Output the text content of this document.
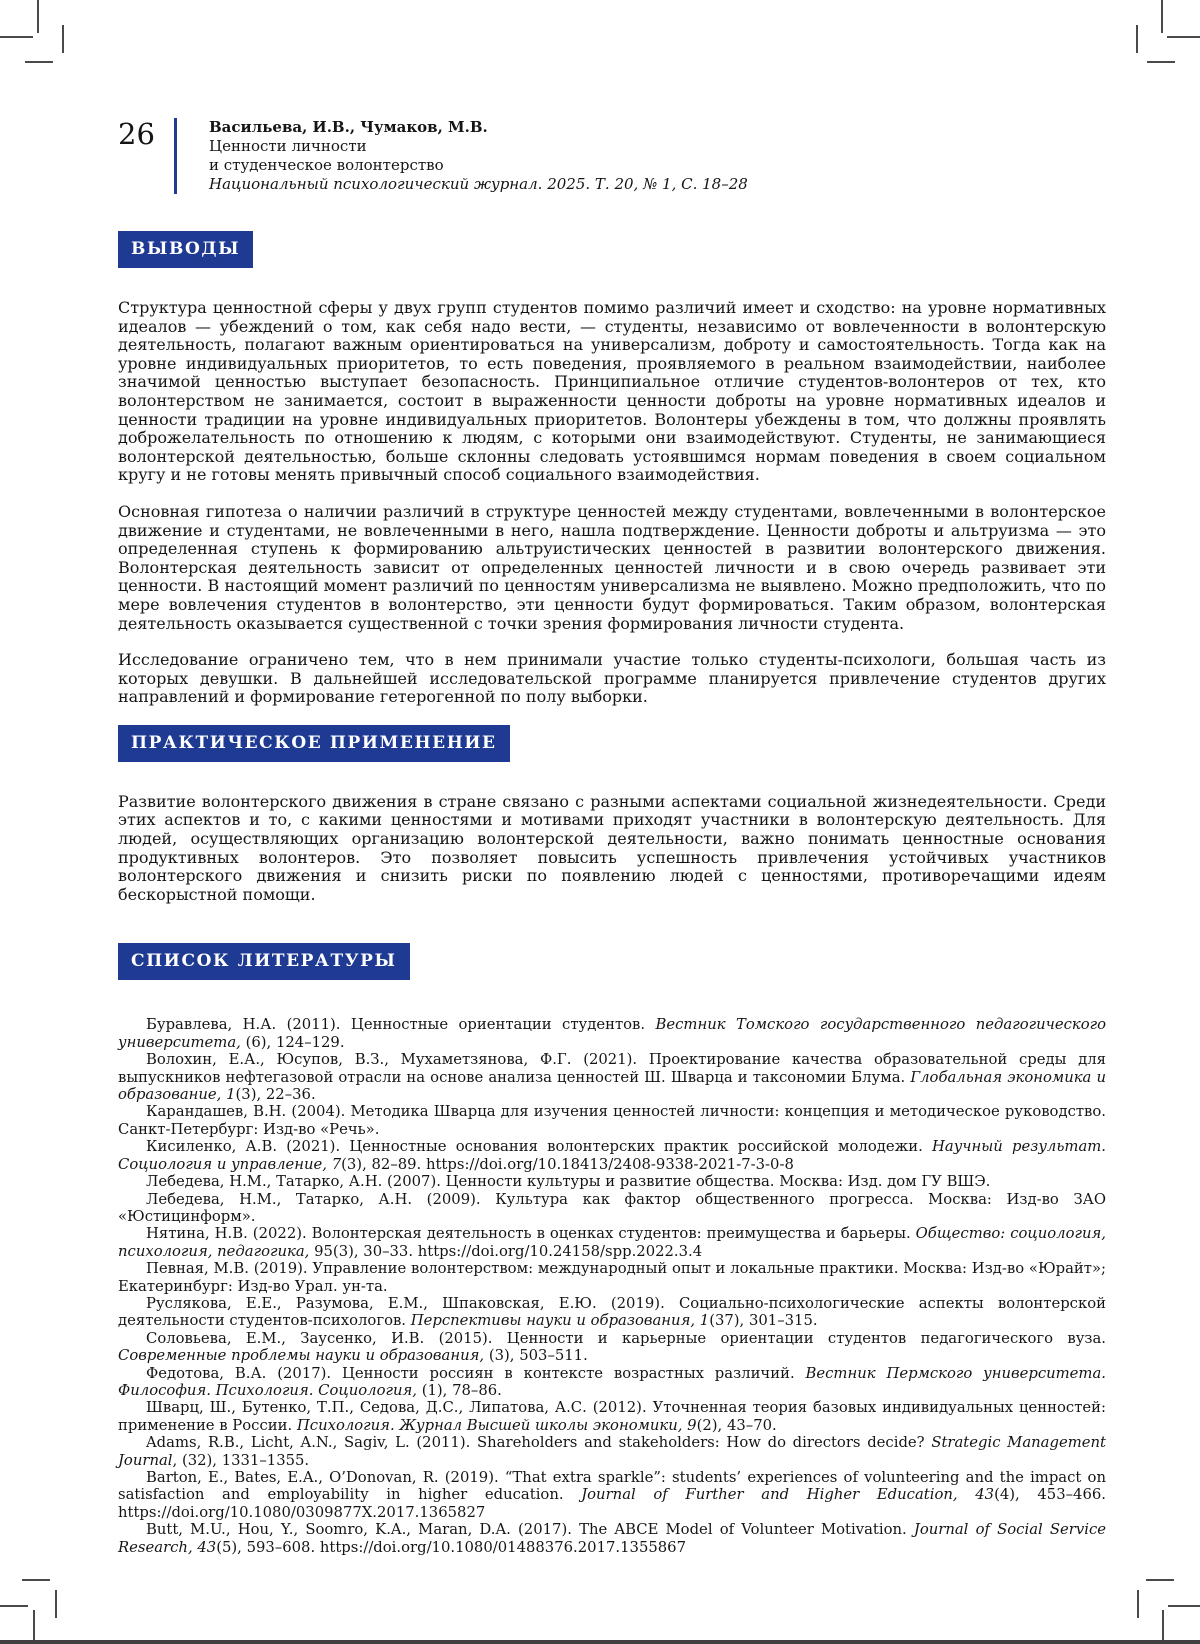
26	Васильева, И.В., Чумаков, М.В.
Ценности личности
и студенческое волонтерство
Национальный психологический журнал. 2025. Т. 20, № 1, С. 18–28
ВЫВОДЫ

Структура ценностной сферы у двух групп студентов помимо различий имеет и сходство: на уровне нормативных идеалов — убеждений о том, как себя надо вести, — студенты, независимо от вовлеченности в волонтерскую деятельность, полагают важным ориентироваться на универсализм, доброту и самостоятельность. Тогда как на уровне индивидуальных приоритетов, то есть поведения, проявляемого в реальном взаимодействии, наиболее значимой ценностью выступает безопасность. Принципиальное отличие студентов-волонтеров от тех, кто волонтерством не занимается, состоит в выраженности ценности доброты на уровне нормативных идеалов и ценности традиции на уровне индивидуальных приоритетов. Волонтеры убеждены в том, что должны проявлять доброжелательность по отношению к людям, с которыми они взаимодействуют. Студенты, не занимающиеся волонтерской деятельностью, больше склонны следовать устоявшимся нормам поведения в своем социальном кругу и не готовы менять привычный способ социального взаимодействия.

Основная гипотеза о наличии различий в структуре ценностей между студентами, вовлеченными в волонтерское движение и студентами, не вовлеченными в него, нашла подтверждение. Ценности доброты и альтруизма — это определенная ступень к формированию альтруистических ценностей в развитии волонтерского движения. Волонтерская деятельность зависит от определенных ценностей личности и в свою очередь развивает эти ценности. В настоящий момент различий по ценностям универсализма не выявлено. Можно предположить, что по мере вовлечения студентов в волонтерство, эти ценности будут формироваться. Таким образом, волонтерская деятельность оказывается существенной с точки зрения формирования личности студента.

Исследование ограничено тем, что в нем принимали участие только студенты-психологи, большая часть из которых девушки. В дальнейшей исследовательской программе планируется привлечение студентов других направлений и формирование гетерогенной по полу выборки.

ПРАКТИЧЕСКОЕ ПРИМЕНЕНИЕ

Развитие волонтерского движения в стране связано с разными аспектами социальной жизнедеятельности. Среди этих аспектов и то, с какими ценностями и мотивами приходят участники в волонтерскую деятельность. Для людей, осуществляющих организацию волонтерской деятельности, важно понимать ценностные основания продуктивных волонтеров. Это позволяет повысить успешность привлечения устойчивых участников волонтерского движения и снизить риски по появлению людей с ценностями, противоречащими идеям бескорыстной помощи.

СПИСОК ЛИТЕРАТУРЫ

Буравлева, Н.А. (2011). Ценностные ориентации студентов. Вестник Томского государственного педагогического университета, (6), 124–129.

Волохин, Е.А., Юсупов, В.З., Мухаметзянова, Ф.Г. (2021). Проектирование качества образовательной среды для выпускников нефтегазовой отрасли на основе анализа ценностей Ш. Шварца и таксономии Блума. Глобальная экономика и образование, 1(3), 22–36.

Карандашев, В.Н. (2004). Методика Шварца для изучения ценностей личности: концепция и методическое руководство. Санкт-Петербург: Изд-во «Речь».

Кисиленко, А.В. (2021). Ценностные основания волонтерских практик российской молодежи. Научный результат. Социология и управление, 7(3), 82–89. https://doi.org/10.18413/2408-9338-2021-7-3-0-8

Лебедева, Н.М., Татарко, А.Н. (2007). Ценности культуры и развитие общества. Москва: Изд. дом ГУ ВШЭ.

Лебедева, Н.М., Татарко, А.Н. (2009). Культура как фактор общественного прогресса. Москва: Изд-во ЗАО «Юстицинформ».

Нятина, Н.В. (2022). Волонтерская деятельность в оценках студентов: преимущества и барьеры. Общество: социология, психология, педагогика, 95(3), 30–33. https://doi.org/10.24158/spp.2022.3.4

Певная, М.В. (2019). Управление волонтерством: международный опыт и локальные практики. Москва: Изд-во «Юрайт»; Екатеринбург: Изд-во Урал. ун-та.

Руслякова, Е.Е., Разумова, Е.М., Шпаковская, Е.Ю. (2019). Социально-психологические аспекты волонтерской деятельности студентов-психологов. Перспективы науки и образования, 1(37), 301–315.

Соловьева, Е.М., Заусенко, И.В. (2015). Ценности и карьерные ориентации студентов педагогического вуза. Современные проблемы науки и образования, (3), 503–511.

Федотова, В.А. (2017). Ценности россиян в контексте возрастных различий. Вестник Пермского университета. Философия. Психология. Социология, (1), 78–86.

Шварц, Ш., Бутенко, Т.П., Седова, Д.С., Липатова, А.С. (2012). Уточненная теория базовых индивидуальных ценностей: применение в России. Психология. Журнал Высшей школы экономики, 9(2), 43–70.

Adams, R.B., Licht, A.N., Sagiv, L. (2011). Shareholders and stakeholders: How do directors decide? Strategic Management Journal, (32), 1331–1355.

Barton, E., Bates, E.A., O’Donovan, R. (2019). “That extra sparkle”: students’ experiences of volunteering and the impact on satisfaction and employability in higher education. Journal of Further and Higher Education, 43(4), 453–466. https://doi.org/10.1080/0309877X.2017.1365827

Butt, M.U., Hou, Y., Soomro, K.A., Maran, D.A. (2017). The ABCE Model of Volunteer Motivation. Journal of Social Service Research, 43(5), 593–608. https://doi.org/10.1080/01488376.2017.1355867
